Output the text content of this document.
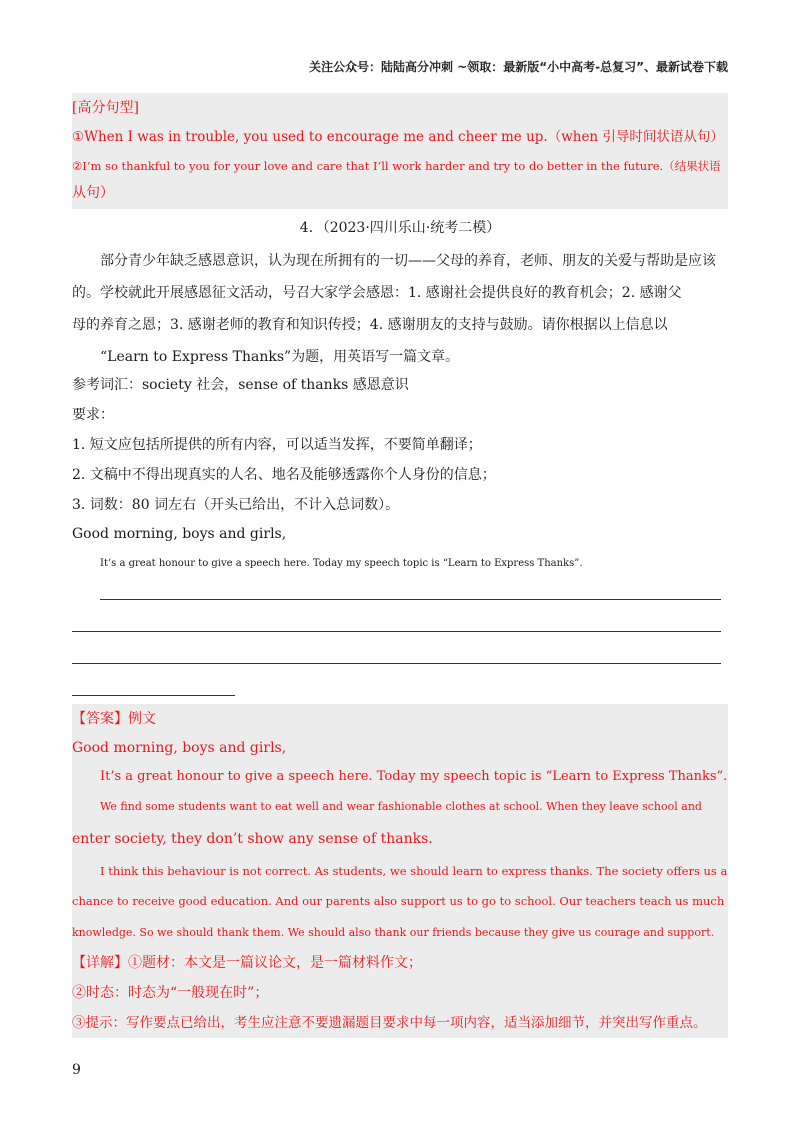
关注公众号：陆陆高分冲刺 ~领取：最新版“小中高考-总复习”、最新试卷下载
[高分句型]
①When I was in trouble, you used to encourage me and cheer me up.（when 引导时间状语从句）
②I’m so thankful to you for your love and care that I’ll work harder and try to do better in the future.（结果状语
从句）
4．（2023·四川乐山·统考二模）
部分青少年缺乏感恩意识，认为现在所拥有的一切——父母的养育，老师、朋友的关爱与帮助是应该
的。学校就此开展感恩征文活动，号召大家学会感恩：1. 感谢社会提供良好的教育机会；2. 感谢父
母的养育之恩；3. 感谢老师的教育和知识传授；4. 感谢朋友的支持与鼓励。请你根据以上信息以
“Learn to Express Thanks”为题，用英语写一篇文章。
参考词汇：society 社会，sense of thanks 感恩意识
要求：
1. 短文应包括所提供的所有内容，可以适当发挥，不要简单翻译；
2. 文稿中不得出现真实的人名、地名及能够透露你个人身份的信息；
3. 词数：80 词左右（开头已给出，不计入总词数）。
Good morning, boys and girls,
It’s a great honour to give a speech here. Today my speech topic is “Learn to Express Thanks”.
【答案】例文
Good morning, boys and girls,
It’s a great honour to give a speech here. Today my speech topic is “Learn to Express Thanks”.
We find some students want to eat well and wear fashionable clothes at school. When they leave school and
enter society, they don’t show any sense of thanks.
I think this behaviour is not correct. As students, we should learn to express thanks. The society offers us a
chance to receive good education. And our parents also support us to go to school. Our teachers teach us much
knowledge. So we should thank them. We should also thank our friends because they give us courage and support.
【详解】①题材：本文是一篇议论文，是一篇材料作文；
②时态：时态为“一般现在时”；
③提示：写作要点已给出，考生应注意不要遗漏题目要求中每一项内容，适当添加细节，并突出写作重点。
9
